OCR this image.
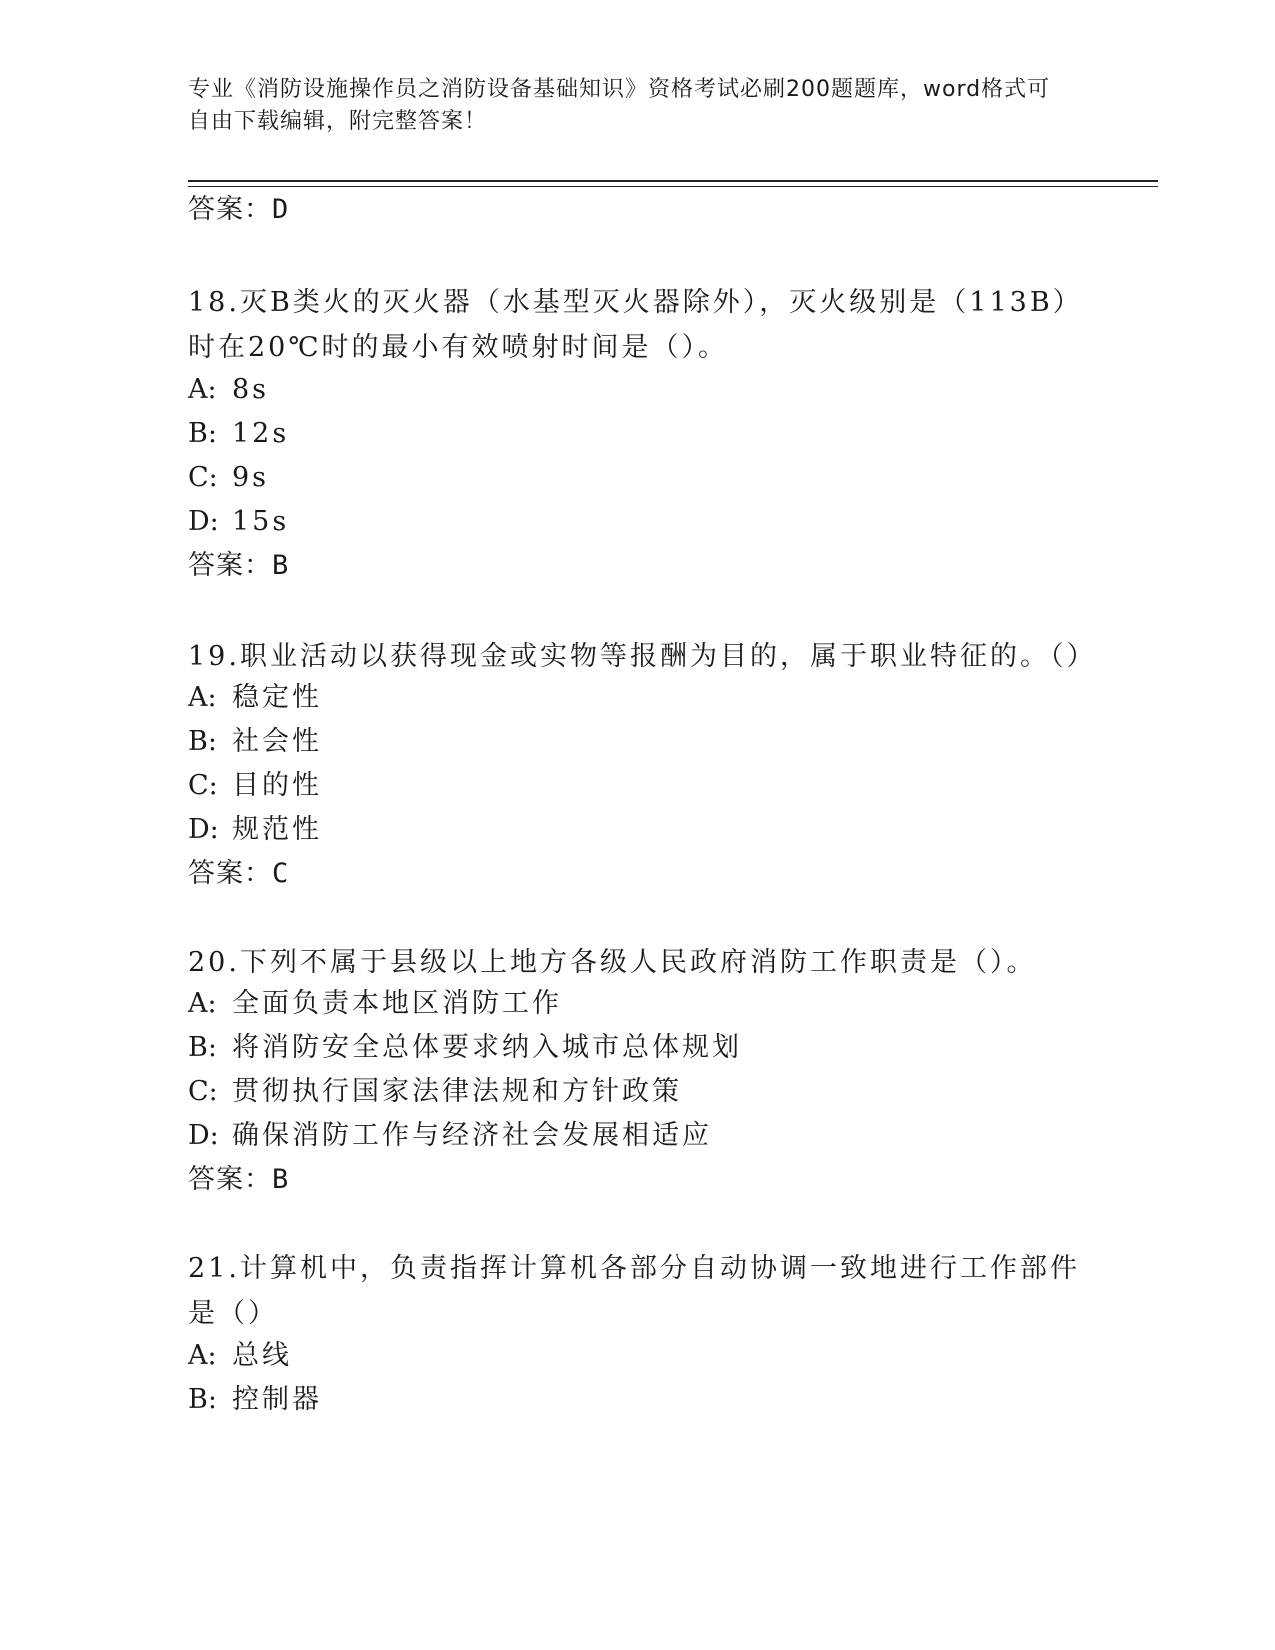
专业《消防设施操作员之消防设备基础知识》资格考试必刷200题题库，word格式可自由下载编辑，附完整答案！
答案：D
18.灭B类火的灭火器（水基型灭火器除外），灭火级别是（113B）时在20℃时的最小有效喷射时间是（）。
A: 8s
B: 12s
C: 9s
D: 15s
答案：B
19.职业活动以获得现金或实物等报酬为目的，属于职业特征的。（）
A: 稳定性
B: 社会性
C: 目的性
D: 规范性
答案：C
20.下列不属于县级以上地方各级人民政府消防工作职责是（）。
A: 全面负责本地区消防工作
B: 将消防安全总体要求纳入城市总体规划
C: 贯彻执行国家法律法规和方针政策
D: 确保消防工作与经济社会发展相适应
答案：B
21.计算机中，负责指挥计算机各部分自动协调一致地进行工作部件是（）
A: 总线
B: 控制器
